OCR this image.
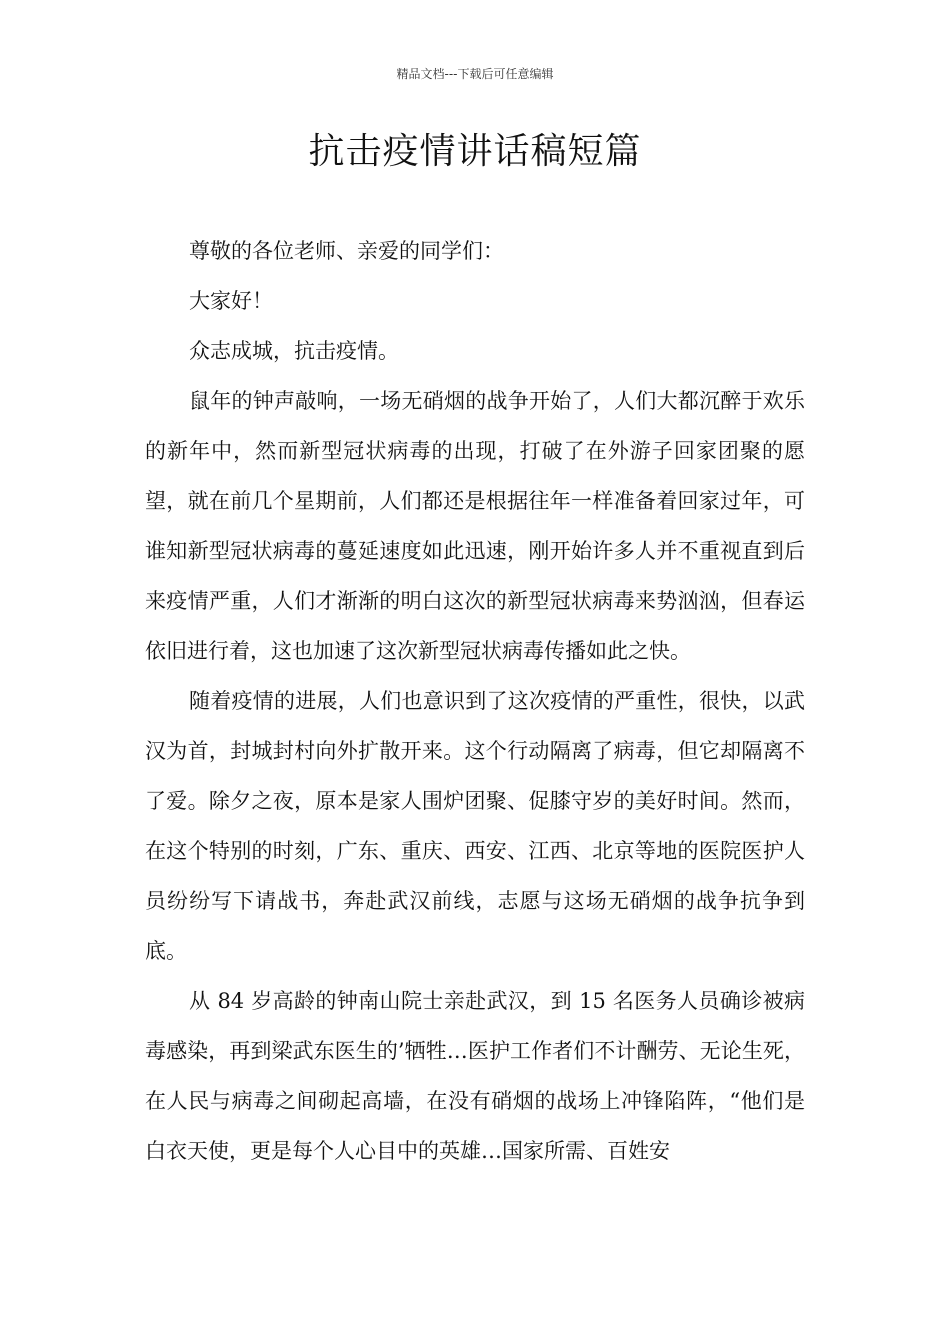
精品文档---下载后可任意编辑
抗击疫情讲话稿短篇

尊敬的各位老师、亲爱的同学们：

大家好！

众志成城，抗击疫情。

鼠年的钟声敲响，一场无硝烟的战争开始了，人们大都沉醉于欢乐的新年中，然而新型冠状病毒的出现，打破了在外游子回家团聚的愿望，就在前几个星期前，人们都还是根据往年一样准备着回家过年，可谁知新型冠状病毒的蔓延速度如此迅速，刚开始许多人并不重视直到后来疫情严重，人们才渐渐的明白这次的新型冠状病毒来势汹汹，但春运依旧进行着，这也加速了这次新型冠状病毒传播如此之快。

随着疫情的进展，人们也意识到了这次疫情的严重性，很快，以武汉为首，封城封村向外扩散开来。这个行动隔离了病毒，但它却隔离不了爱。除夕之夜，原本是家人围炉团聚、促膝守岁的美好时间。然而，在这个特别的时刻，广东、重庆、西安、江西、北京等地的医院医护人员纷纷写下请战书，奔赴武汉前线，志愿与这场无硝烟的战争抗争到底。

从 84 岁高龄的钟南山院士亲赴武汉，到 15 名医务人员确诊被病毒感染，再到梁武东医生的’牺牲…医护工作者们不计酬劳、无论生死，在人民与病毒之间砌起高墙，在没有硝烟的战场上冲锋陷阵，“他们是白衣天使，更是每个人心目中的英雄…国家所需、百姓安
